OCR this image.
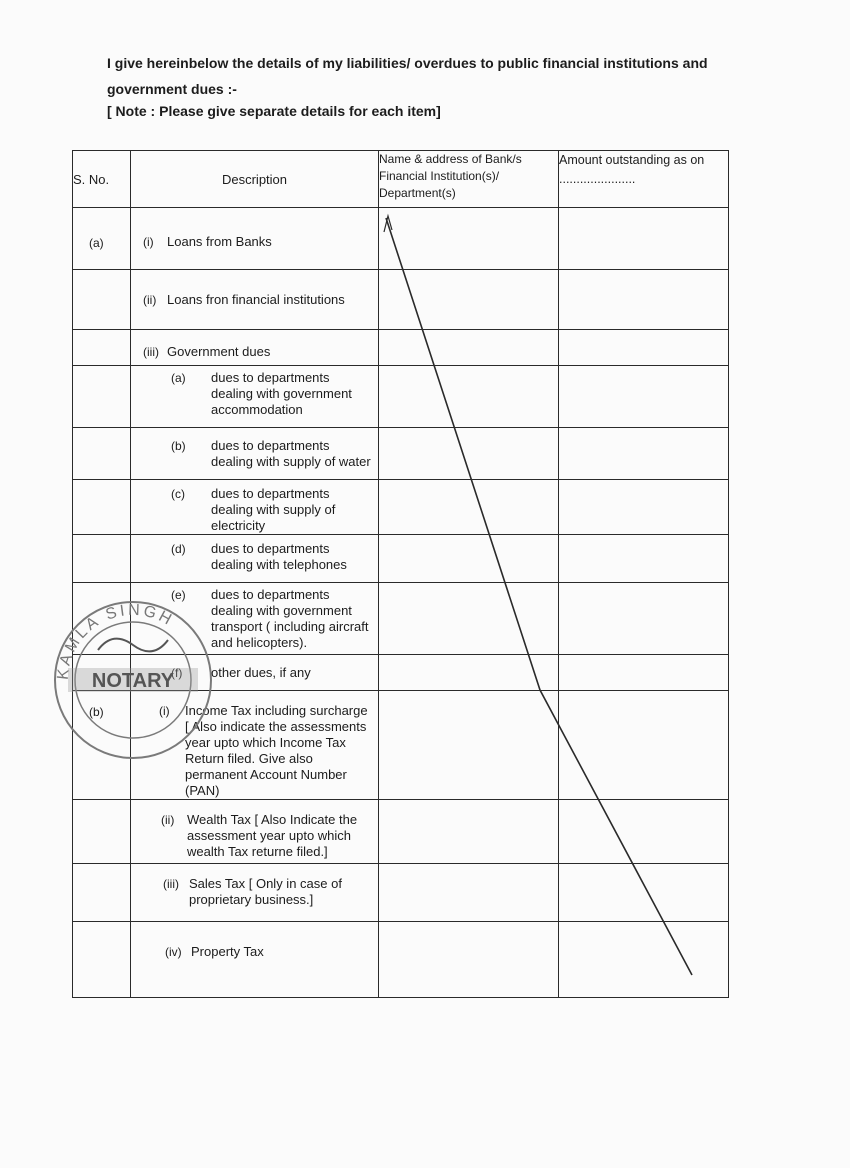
I give hereinbelow the details of my liabilities/ overdues to public financial institutions and government dues :-
[ Note : Please give separate details for each item]
S. No.	Description	Name & address of Bank/s Financial Institution(s)/ Department(s)	Amount outstanding as on ......................
(a)	(i) Loans from Banks		

	(ii) Loans fron financial institutions		

	(iii) Government dues		

	(a) dues to departments dealing with government accommodation		

	(b) dues to departments dealing with supply of water		

	(c) dues to departments dealing with supply of electricity		

	(d) dues to departments dealing with telephones		

	(e) dues to departments dealing with government transport ( including aircraft and helicopters).		

	(f) other dues, if any		

(b)	(i) Income Tax including surcharge [ Also indicate the assessments year upto which Income Tax Return filed. Give also permanent Account Number (PAN)		

	(ii) Wealth Tax [ Also Indicate the assessment year upto which wealth Tax returne filed.]		

	(iii) Sales Tax [ Only in case of proprietary business.]		

	(iv) Property Tax		

KAMLA SINGH
NOTARY
